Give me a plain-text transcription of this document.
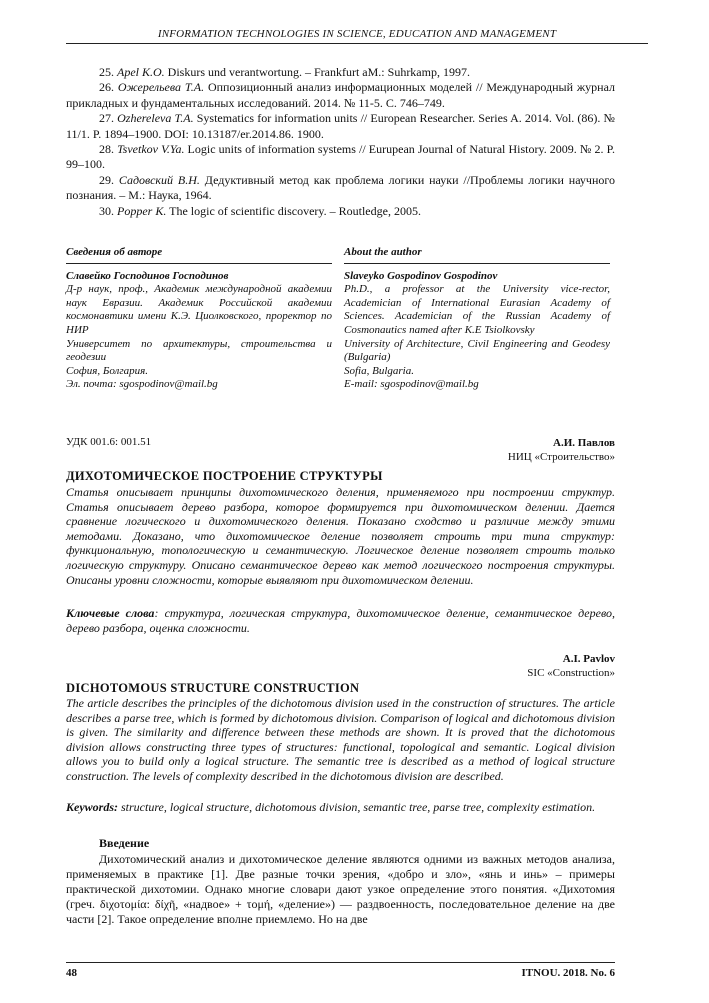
INFORMATION TECHNOLOGIES IN SCIENCE, EDUCATION AND MANAGEMENT

25. Apel K.O. Diskurs und verantwortung. – Frankfurt aM.: Suhrkamp, 1997.

26. Ожерельева Т.А. Оппозиционный анализ информационных моделей // Международный журнал прикладных и фундаментальных исследований. 2014. № 11-5. С. 746–749.

27. Ozhereleva T.A. Systematics for information units // European Researcher. Series A. 2014. Vol. (86). № 11/1. P. 1894–1900. DOI: 10.13187/er.2014.86. 1900.

28. Tsvetkov V.Ya. Logic units of information systems // Eurupean Journal of Natural History. 2009. № 2. P. 99–100.

29. Садовский В.Н. Дедуктивный метод как проблема логики науки //Проблемы логики научного познания. – М.: Наука, 1964.

30. Popper K. The logic of scientific discovery. – Routledge, 2005.

Сведения об авторе
Славейко Господинов Господинов
Д-р наук, проф., Академик международной академии наук Евразии. Академик Российской академии космонавтики имени К.Э. Циолковского, проректор по НИР
Университет по архитектуры, строительства и геодезии
София, Болгария.
Эл. почта: sgospodinov@mail.bg
About the author
Slaveyko Gospodinov Gospodinov
Ph.D., a professor at the University vice-rector, Academician of International Eurasian Academy of Sciences. Academician of the Russian Academy of Cosmonautics named after K.E Tsiolkovsky
University of Architecture, Civil Engineering and Geodesy (Bulgaria)
Sofia, Bulgaria.
E-mail: sgospodinov@mail.bg
УДК 001.6: 001.51	А.И. Павлов
НИЦ «Строительство»
ДИХОТОМИЧЕСКОЕ ПОСТРОЕНИЕ СТРУКТУРЫ

Статья описывает принципы дихотомического деления, применяемого при построении структур. Статья описывает дерево разбора, которое формируется при дихотомическом делении. Дается сравнение логического и дихотомического деления. Показано сходство и различие между этими методами. Доказано, что дихотомическое деление позволяет строить три типа структур: функциональную, топологическую и семантическую. Логическое деление позволяет строить только логическую структуру. Описано семантическое дерево как метод логического построения структуры. Описаны уровни сложности, которые выявляют при дихотомическом делении.

Ключевые слова: структура, логическая структура, дихотомическое деление, семантическое дерево, дерево разбора, оценка сложности.

A.I. Pavlov
SIC «Construction»
DICHOTOMOUS STRUCTURE CONSTRUCTION

The article describes the principles of the dichotomous division used in the construction of structures. The article describes a parse tree, which is formed by dichotomous division. Comparison of logical and dichotomous division is given. The similarity and difference between these methods are shown. It is proved that the dichotomous division allows constructing three types of structures: functional, topological and semantic. Logical division allows you to build only a logical structure. The semantic tree is described as a method of logical structure construction. The levels of complexity described in the dichotomous division are described.

Keywords: structure, logical structure, dichotomous division, semantic tree, parse tree, complexity estimation.

Введение

Дихотомический анализ и дихотомическое деление являются одними из важных методов анализа, применяемых в практике [1]. Две разные точки зрения, «добро и зло», «янь и инь» – примеры практической дихотомии. Однако многие словари дают узкое определение этого понятия. «Дихотомия (греч. διχοτομία: δίχῆ, «надвое» + τομή, «деление») — раздвоенность, последовательное деление на две части [2]. Такое определение вполне приемлемо. Но на две

48	ITNOU. 2018. No. 6
